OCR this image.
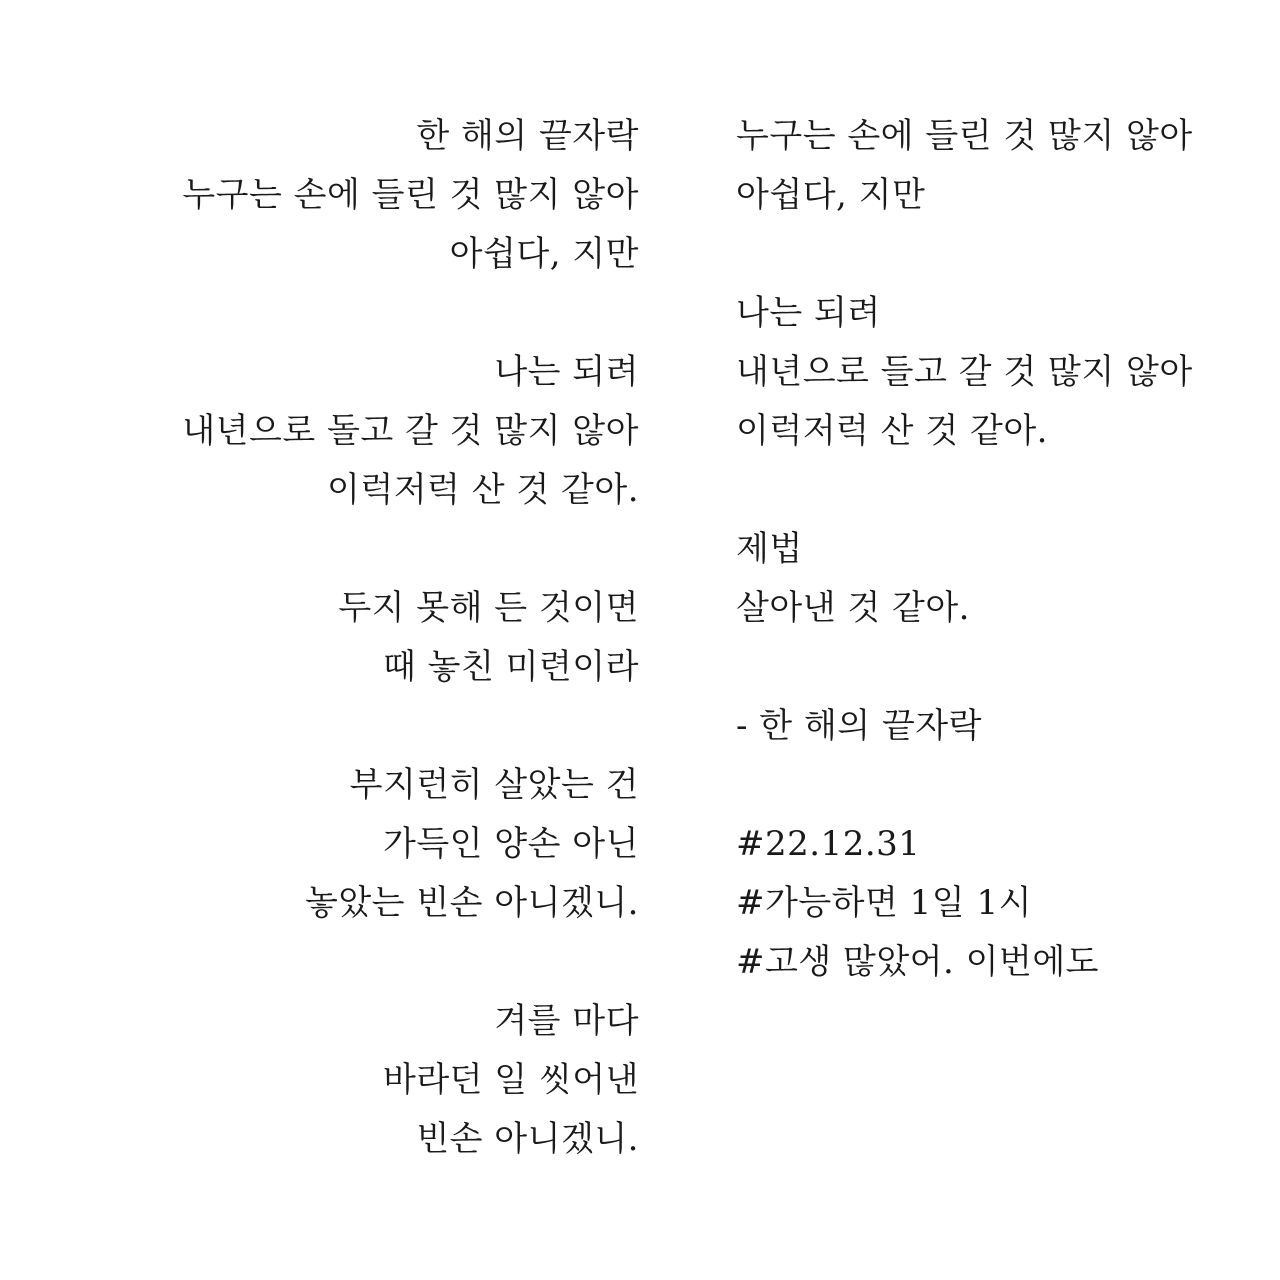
한 해의 끝자락
누구는 손에 들린 것 많지 않아
아쉽다, 지만
나는 되려
내년으로 돌고 갈 것 많지 않아
이럭저럭 산 것 같아.
두지 못해 든 것이면
때 놓친 미련이라
부지런히 살았는 건
가득인 양손 아닌
놓았는 빈손 아니겠니.
겨를 마다
바라던 일 씻어낸
빈손 아니겠니.
누구는 손에 들린 것 많지 않아
아쉽다, 지만
나는 되려
내년으로 들고 갈 것 많지 않아
이럭저럭 산 것 같아.
제법
살아낸 것 같아.
- 한 해의 끝자락
#22.12.31
#가능하면 1일 1시
#고생 많았어. 이번에도
